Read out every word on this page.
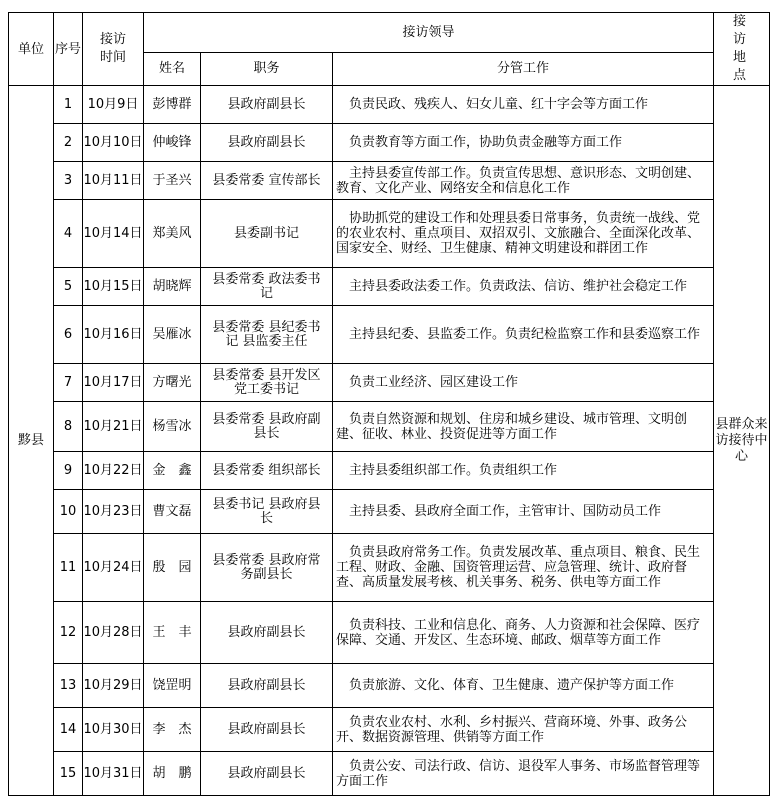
单位	序号	接访时间	接访领导			接访地点
			姓名	职务	分管工作	
黟县	1	10月9日	彭博群	县政府副县长	负责民政、残疾人、妇女儿童、红十字会等方面工作	县群众来访接待中心
	2	10月10日	仲峻锋	县政府副县长	负责教育等方面工作，协助负责金融等方面工作	
	3	10月11日	于圣兴	县委常委 宣传部长	主持县委宣传部工作。负责宣传思想、意识形态、文明创建、教育、文化产业、网络安全和信息化工作	
	4	10月14日	郑美风	县委副书记	协助抓党的建设工作和处理县委日常事务，负责统一战线、党的农业农村、重点项目、双招双引、文旅融合、全面深化改革、国家安全、财经、卫生健康、精神文明建设和群团工作	
	5	10月15日	胡晓辉	县委常委 政法委书记	主持县委政法委工作。负责政法、信访、维护社会稳定工作	
	6	10月16日	吴雁冰	县委常委 县纪委书记 县监委主任	主持县纪委、县监委工作。负责纪检监察工作和县委巡察工作	
	7	10月17日	方曙光	县委常委 县开发区党工委书记	负责工业经济、园区建设工作	
	8	10月21日	杨雪冰	县委常委 县政府副县长	负责自然资源和规划、住房和城乡建设、城市管理、文明创建、征收、林业、投资促进等方面工作	
	9	10月22日	金　鑫	县委常委 组织部长	主持县委组织部工作。负责组织工作	
	10	10月23日	曹文磊	县委书记 县政府县长	主持县委、县政府全面工作，主管审计、国防动员工作	
	11	10月24日	殷　园	县委常委 县政府常务副县长	负责县政府常务工作。负责发展改革、重点项目、粮食、民生工程、财政、金融、国资管理运营、应急管理、统计、政府督查、高质量发展考核、机关事务、税务、供电等方面工作	
	12	10月28日	王　丰	县政府副县长	负责科技、工业和信息化、商务、人力资源和社会保障、医疗保障、交通、开发区、生态环境、邮政、烟草等方面工作	
	13	10月29日	饶罡明	县政府副县长	负责旅游、文化、体育、卫生健康、遗产保护等方面工作	
	14	10月30日	李　杰	县政府副县长	负责农业农村、水利、乡村振兴、营商环境、外事、政务公开、数据资源管理、供销等方面工作	
	15	10月31日	胡　鹏	县政府副县长	负责公安、司法行政、信访、退役军人事务、市场监督管理等方面工作	
